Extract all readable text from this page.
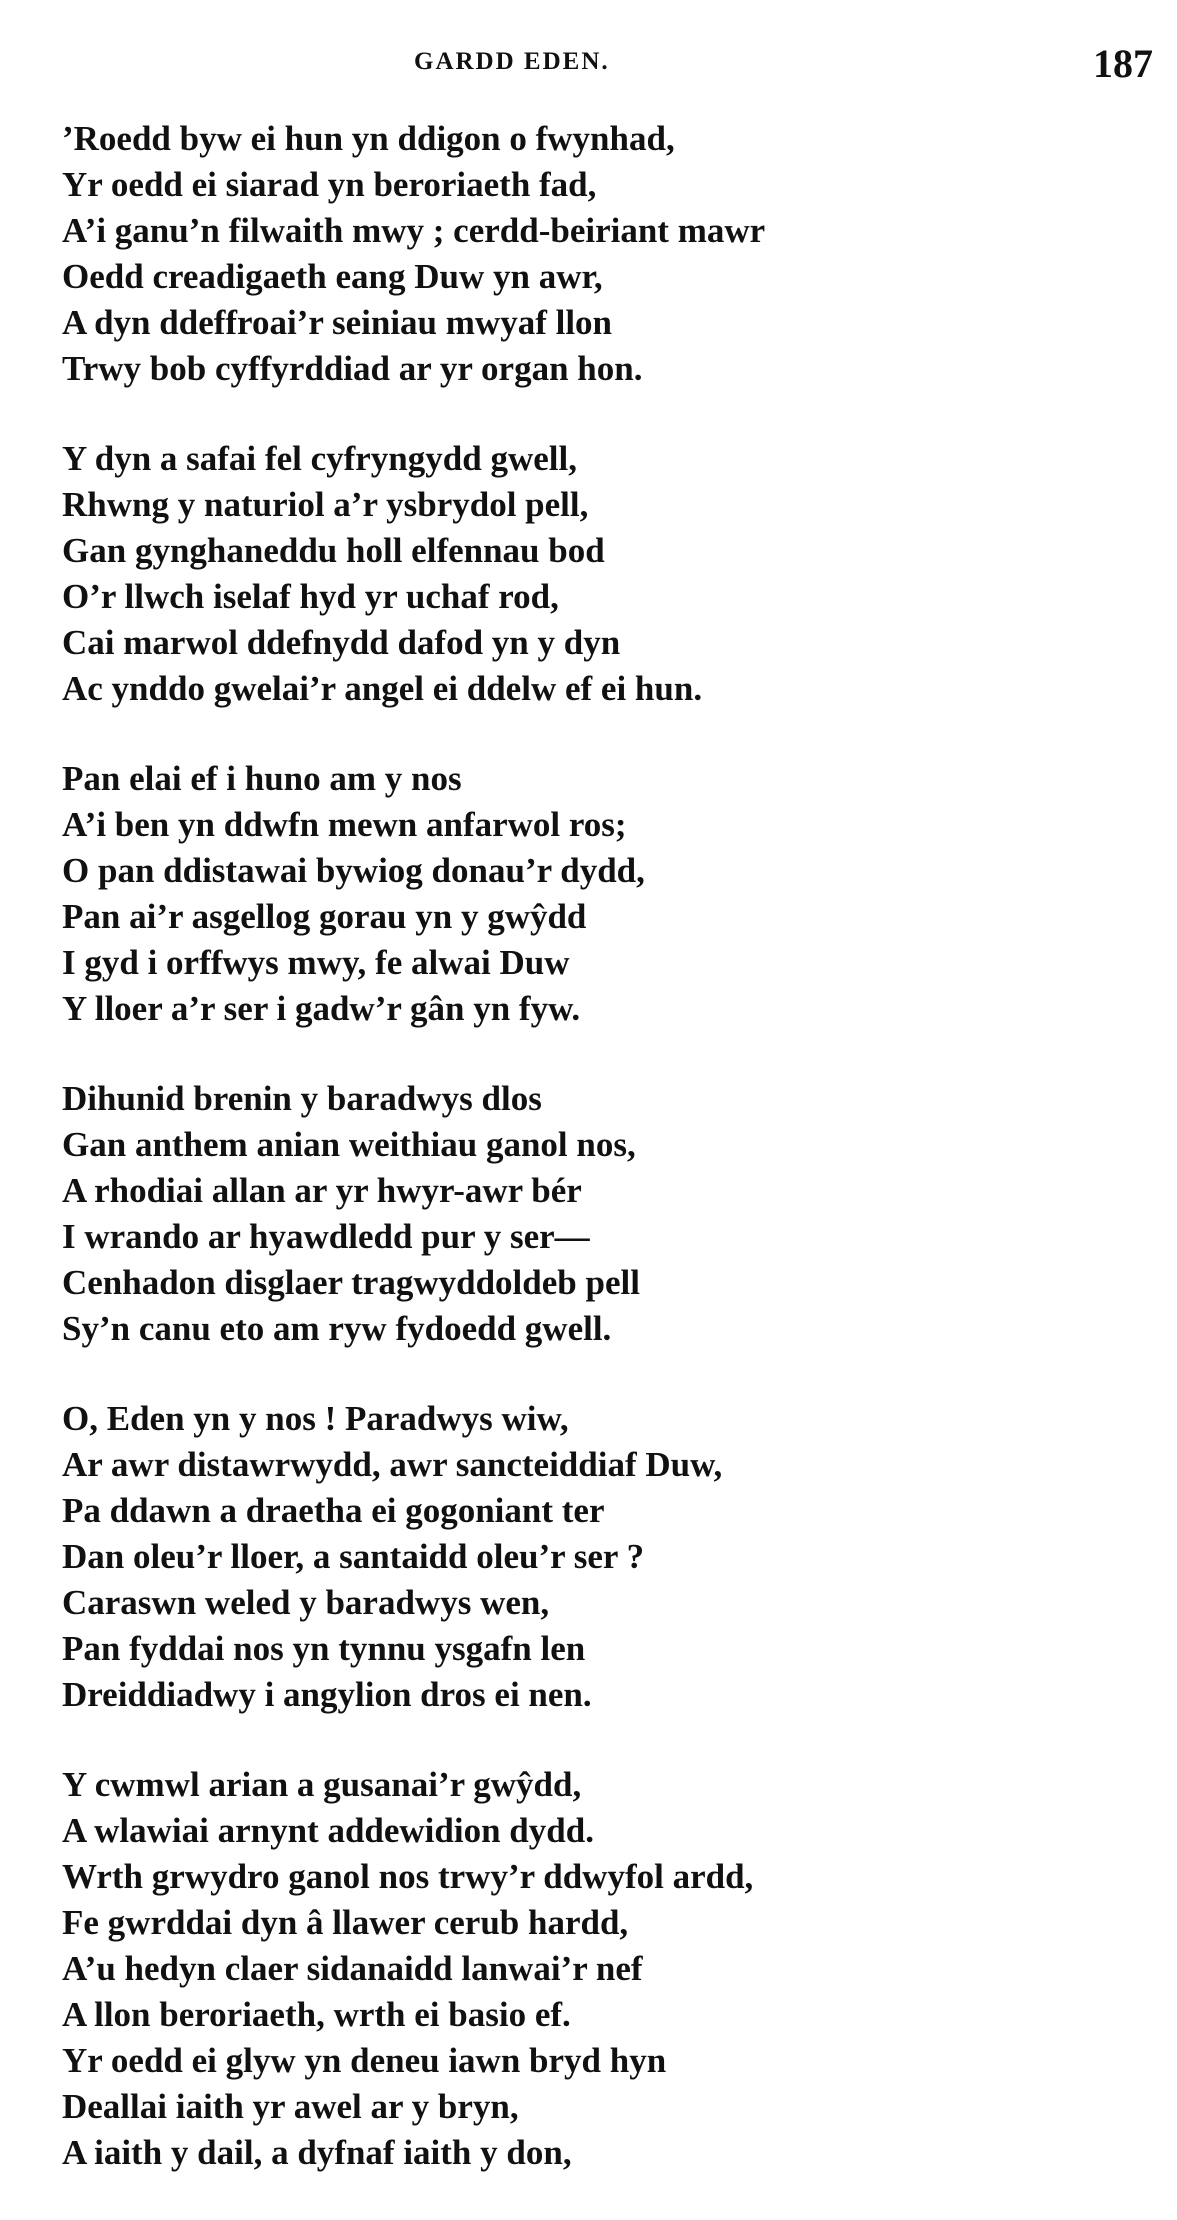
GARDD EDEN.	187
’Roedd byw ei hun yn ddigon o fwynhad,
Yr oedd ei siarad yn beroriaeth fad,
A’i ganu’n filwaith mwy ; cerdd-beiriant mawr
Oedd creadigaeth eang Duw yn awr,
A dyn ddeffroai’r seiniau mwyaf llon
Trwy bob cyffyrddiad ar yr organ hon.
Y dyn a safai fel cyfryngydd gwell,
Rhwng y naturiol a’r ysbrydol pell,
Gan gynghaneddu holl elfennau bod
O’r llwch iselaf hyd yr uchaf rod,
Cai marwol ddefnydd dafod yn y dyn
Ac ynddo gwelai’r angel ei ddelw ef ei hun.
Pan elai ef i huno am y nos
A’i ben yn ddwfn mewn anfarwol ros;
O pan ddistawai bywiog donau’r dydd,
Pan ai’r asgellog gorau yn y gwŷdd
I gyd i orffwys mwy, fe alwai Duw
Y lloer a’r ser i gadw’r gân yn fyw.
Dihunid brenin y baradwys dlos
Gan anthem anian weithiau ganol nos,
A rhodiai allan ar yr hwyr-awr bér
I wrando ar hyawdledd pur y ser—
Cenhadon disglaer tragwyddoldeb pell
Sy’n canu eto am ryw fydoedd gwell.
O, Eden yn y nos ! Paradwys wiw,
Ar awr distawrwydd, awr sancteiddiaf Duw,
Pa ddawn a draetha ei gogoniant ter
Dan oleu’r lloer, a santaidd oleu’r ser ?
Caraswn weled y baradwys wen,
Pan fyddai nos yn tynnu ysgafn len
Dreiddiadwy i angylion dros ei nen.
Y cwmwl arian a gusanai’r gwŷdd,
A wlawiai arnynt addewidion dydd.
Wrth grwydro ganol nos trwy’r ddwyfol ardd,
Fe gwrddai dyn â llawer cerub hardd,
A’u hedyn claer sidanaidd lanwai’r nef
A llon beroriaeth, wrth ei basio ef.
Yr oedd ei glyw yn deneu iawn bryd hyn
Deallai iaith yr awel ar y bryn,
A iaith y dail, a dyfnaf iaith y don,
